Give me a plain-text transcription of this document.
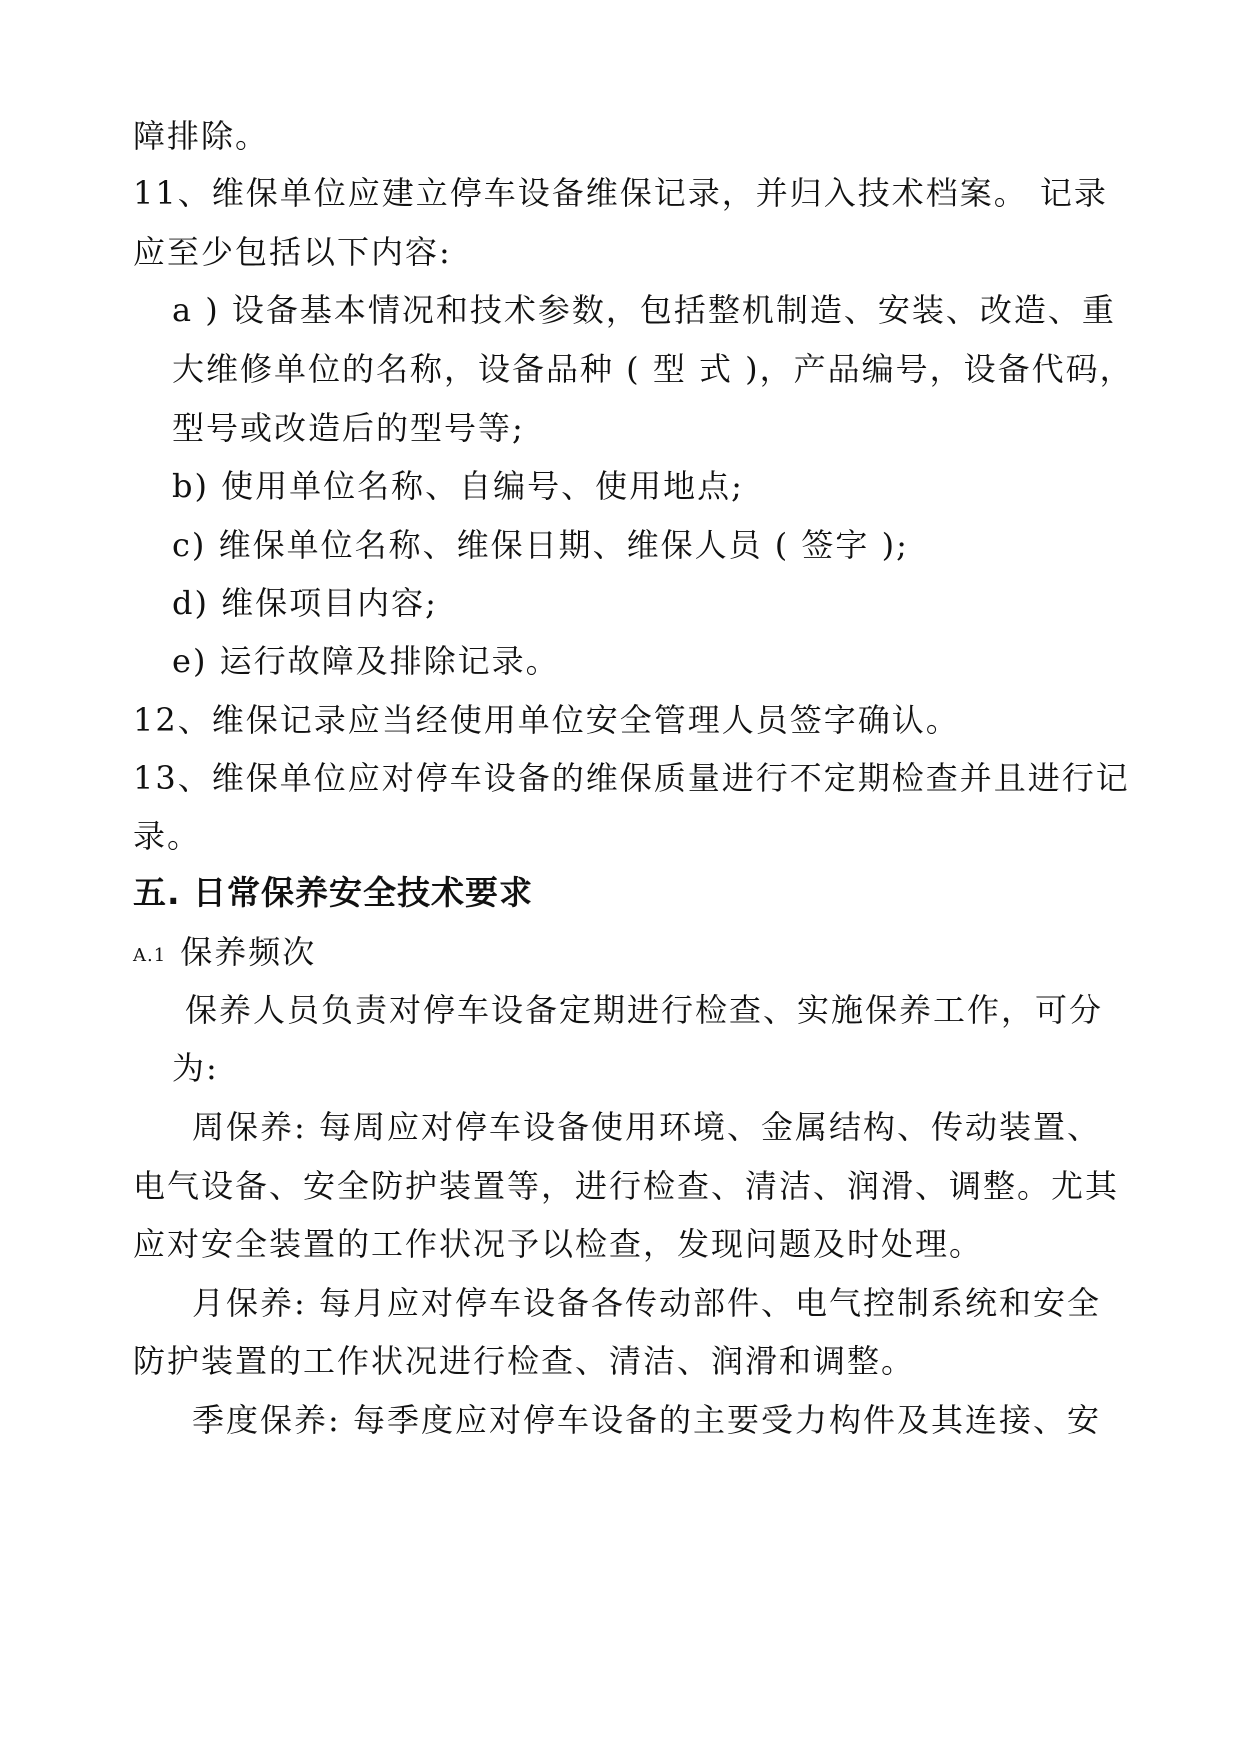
障排除。
11、维保单位应建立停车设备维保记录，并归入技术档案。 记录
应至少包括以下内容:
a ) 设备基本情况和技术参数，包括整机制造、安装、改造、重
大维修单位的名称，设备品种 ( 型 式 )，产品编号，设备代码，
型号或改造后的型号等;
b) 使用单位名称、自编号、使用地点;
c) 维保单位名称、维保日期、维保人员 ( 签字 );
d) 维保项目内容;
e) 运行故障及排除记录。
12、维保记录应当经使用单位安全管理人员签字确认。
13、维保单位应对停车设备的维保质量进行不定期检查并且进行记
录。
五. 日常保养安全技术要求
A.1 保养频次
保养人员负责对停车设备定期进行检查、实施保养工作，可分
为:
周保养: 每周应对停车设备使用环境、金属结构、传动装置、
电气设备、安全防护装置等，进行检查、清洁、润滑、调整。尤其
应对安全装置的工作状况予以检查，发现问题及时处理。
月保养: 每月应对停车设备各传动部件、电气控制系统和安全
防护装置的工作状况进行检查、清洁、润滑和调整。
季度保养: 每季度应对停车设备的主要受力构件及其连接、安
